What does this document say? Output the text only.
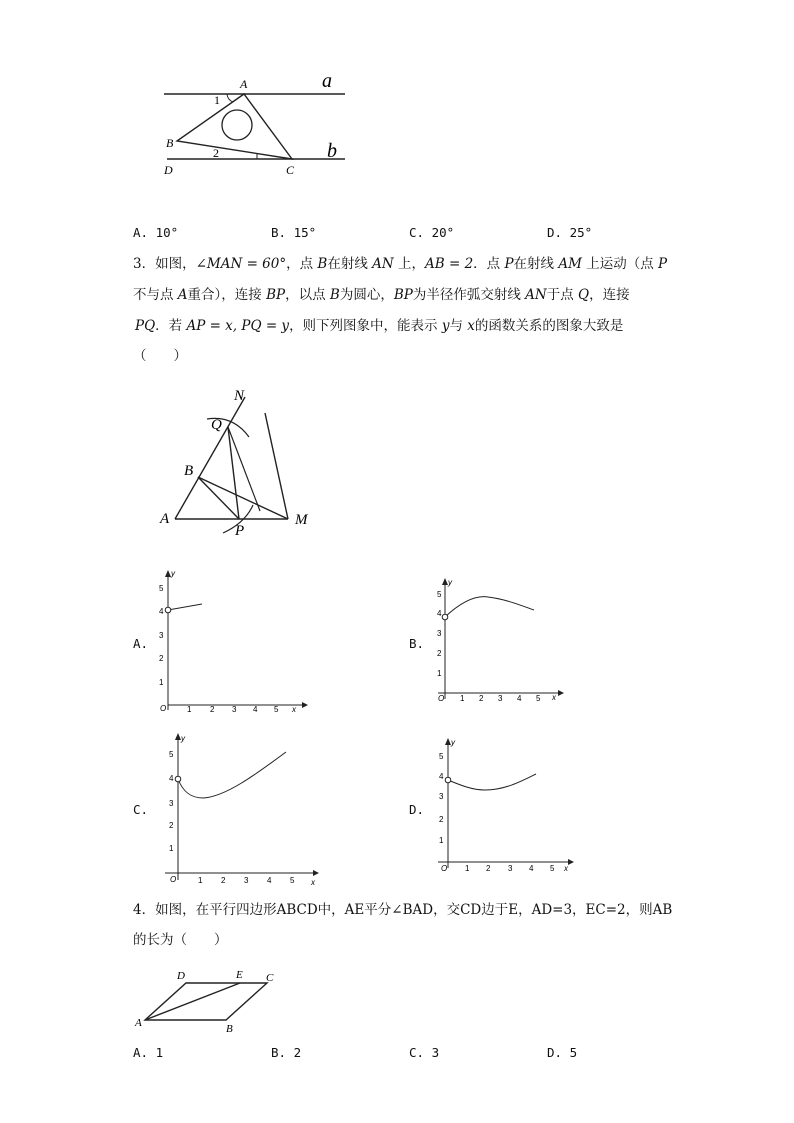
A
B
C
D
a
b
1
2
A. 10°	B. 15°	C. 20°	D. 25°
3．如图，∠MAN = 60°，点 B在射线 AN 上，AB = 2．点 P在射线 AM 上运动（点 P
不与点 A重合），连接 BP，以点 B为圆心，BP为半径作弧交射线 AN于点 Q，连接
PQ．若 AP = x, PQ = y，则下列图象中，能表示 y与 x的函数关系的图象大致是
（　　）
N
Q
B
A
P
M
A.	B.
C.	D.
1
2
3
4
5
1 2 3 4 5
O	x
y
1
2
3
4
5
1 2 3 4 5
O	x
y
1
2
3
4
5
1 2 3 4 5
O	x
y
1
2
3
4
5
1 2 3 4 5
O	x
y
4．如图，在平行四边形ABCD中，AE平分∠BAD，交CD边于E，AD=3，EC=2，则AB
的长为（　　）
D	E C
A	B
A. 1	B. 2	C. 3	D. 5
